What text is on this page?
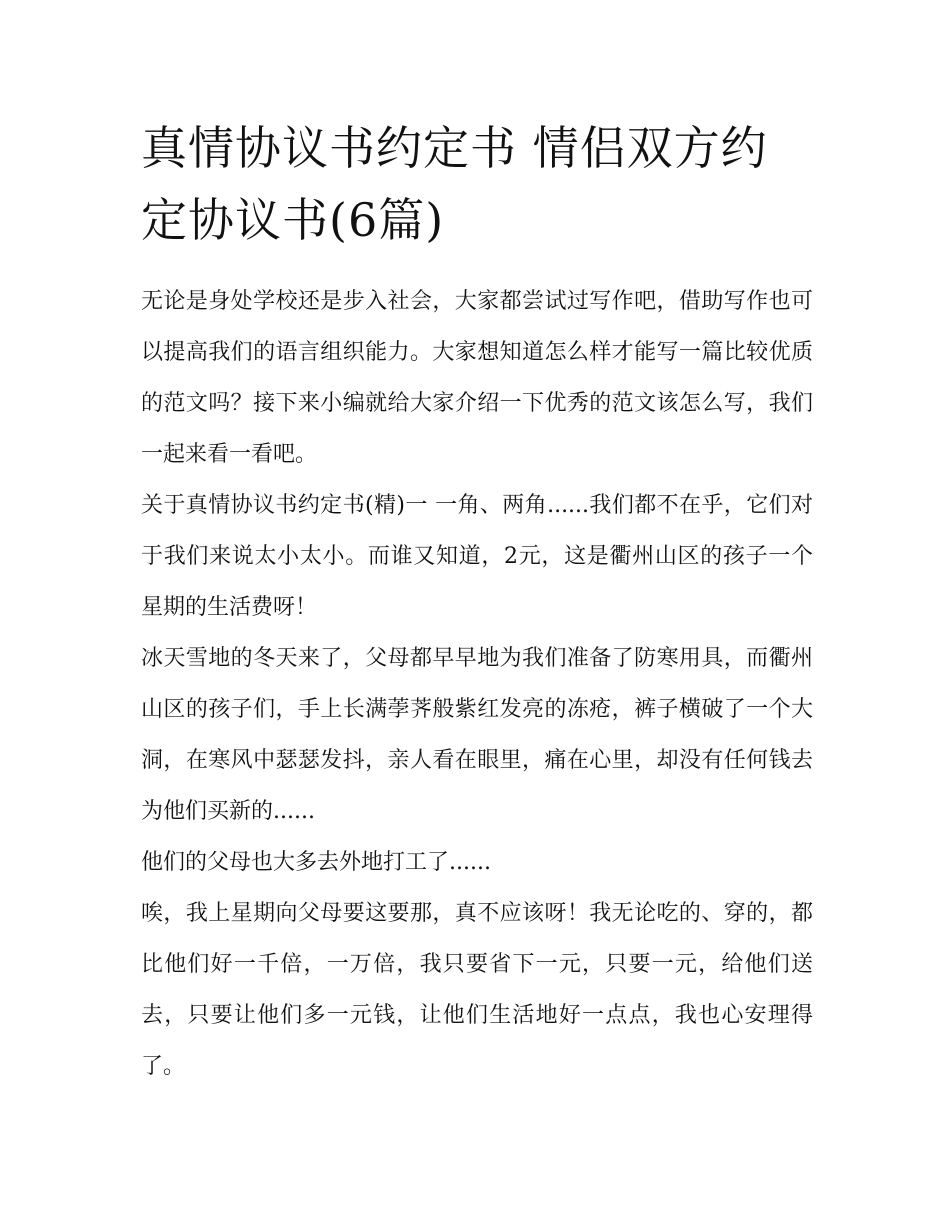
真情协议书约定书 情侣双方约定协议书(6篇)

无论是身处学校还是步入社会，大家都尝试过写作吧，借助写作也可以提高我们的语言组织能力。大家想知道怎么样才能写一篇比较优质的范文吗？接下来小编就给大家介绍一下优秀的范文该怎么写，我们一起来看一看吧。

关于真情协议书约定书(精)一 一角、两角......我们都不在乎，它们对于我们来说太小太小。而谁又知道，2元，这是衢州山区的孩子一个星期的生活费呀！

冰天雪地的冬天来了，父母都早早地为我们准备了防寒用具，而衢州山区的孩子们，手上长满荸荠般紫红发亮的冻疮，裤子横破了一个大洞，在寒风中瑟瑟发抖，亲人看在眼里，痛在心里，却没有任何钱去为他们买新的......

他们的父母也大多去外地打工了......

唉，我上星期向父母要这要那，真不应该呀！我无论吃的、穿的，都比他们好一千倍，一万倍，我只要省下一元，只要一元，给他们送去，只要让他们多一元钱，让他们生活地好一点点，我也心安理得了。
